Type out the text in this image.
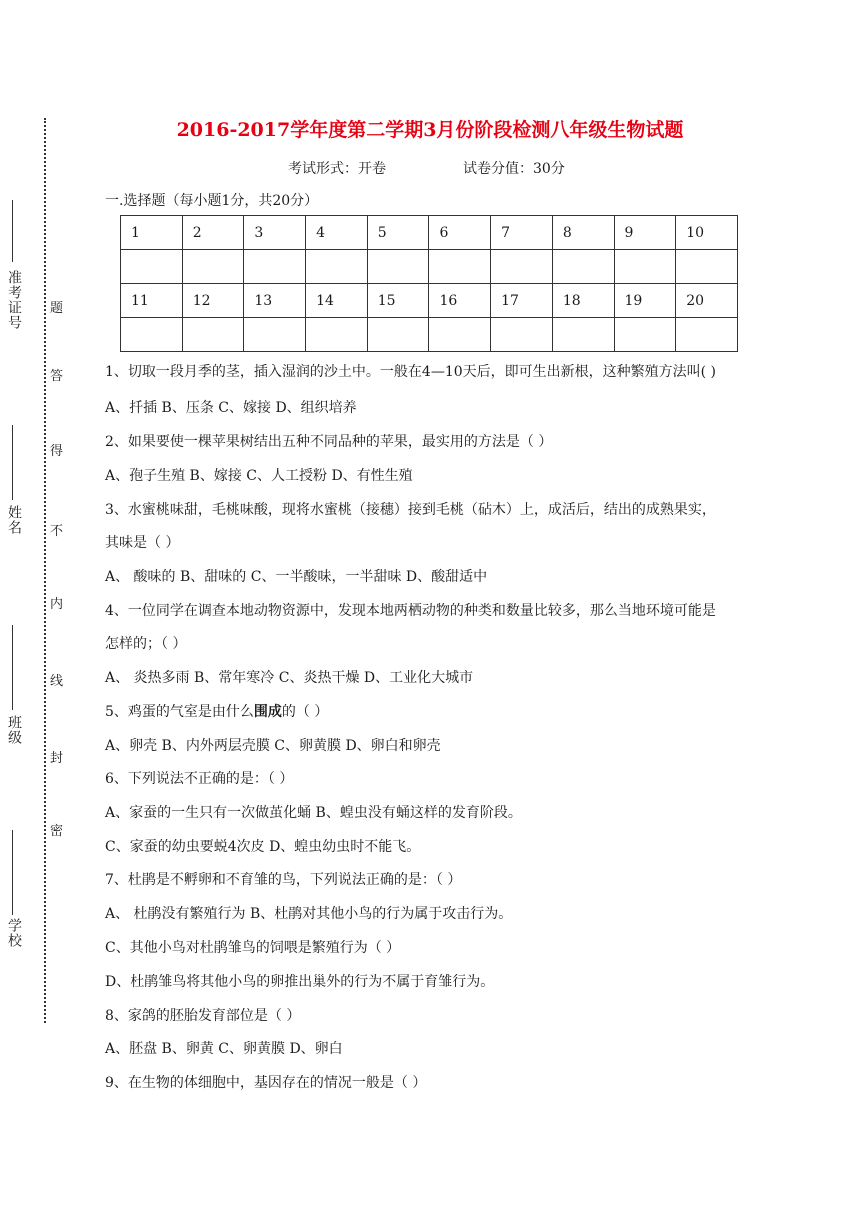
准考证号
姓名
班级
学校
题
答
得
不
内
线
封
密
2016-2017学年度第二学期3月份阶段检测八年级生物试题
考试形式：开卷	试卷分值：30分
一.选择题（每小题1分，共20分）
1	2	3	4	5	6	7	8	9	10

11	12	13	14	15	16	17	18	19	20

1、切取一段月季的茎，插入湿润的沙土中。一般在4—10天后，即可生出新根，这种繁殖方法叫( )
A、扦插 B、压条 C、嫁接 D、组织培养
2、如果要使一棵苹果树结出五种不同品种的苹果，最实用的方法是（ ）
A、孢子生殖 B、嫁接 C、人工授粉 D、有性生殖
3、水蜜桃味甜，毛桃味酸，现将水蜜桃（接穗）接到毛桃（砧木）上，成活后，结出的成熟果实，
其味是（ ）
A、 酸味的 B、甜味的 C、一半酸味，一半甜味 D、酸甜适中
4、一位同学在调查本地动物资源中，发现本地两栖动物的种类和数量比较多，那么当地环境可能是
怎样的；（ ）
A、 炎热多雨 B、常年寒冷 C、炎热干燥 D、工业化大城市
5、鸡蛋的气室是由什么围成的（ ）
A、卵壳 B、内外两层壳膜 C、卵黄膜 D、卵白和卵壳
6、下列说法不正确的是：（ ）
A、家蚕的一生只有一次做茧化蛹 B、蝗虫没有蛹这样的发育阶段。
C、家蚕的幼虫要蜕4次皮 D、蝗虫幼虫时不能飞。
7、杜鹃是不孵卵和不育雏的鸟，下列说法正确的是：（ ）
A、 杜鹃没有繁殖行为 B、杜鹃对其他小鸟的行为属于攻击行为。
C、其他小鸟对杜鹃雏鸟的饲喂是繁殖行为（ ）
D、杜鹃雏鸟将其他小鸟的卵推出巢外的行为不属于育雏行为。
8、家鸽的胚胎发育部位是（ ）
A、胚盘 B、卵黄 C、卵黄膜 D、卵白
9、在生物的体细胞中，基因存在的情况一般是（ ）
